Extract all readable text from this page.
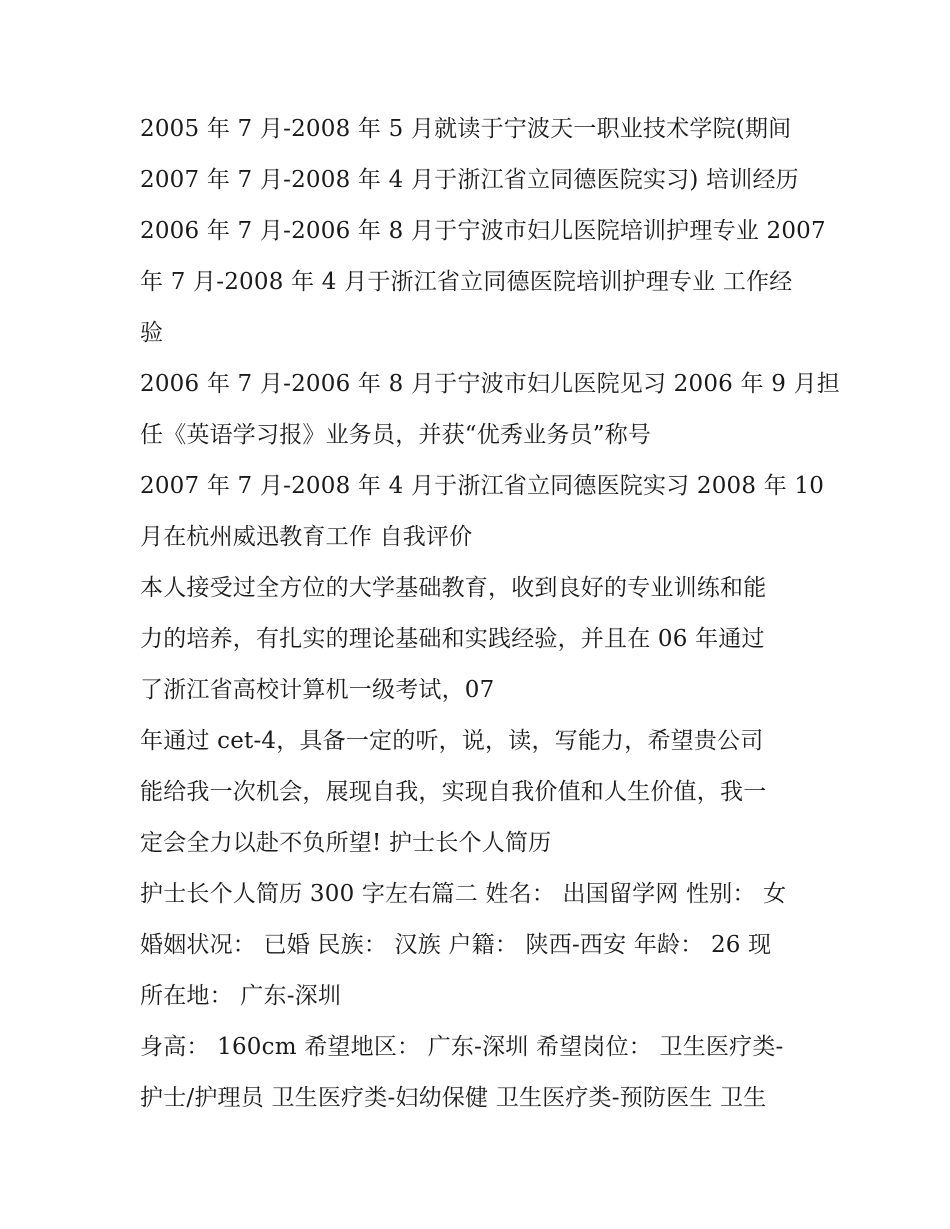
2005 年 7 月-2008 年 5 月就读于宁波天一职业技术学院(期间
2007 年 7 月-2008 年 4 月于浙江省立同德医院实习) 培训经历
2006 年 7 月-2006 年 8 月于宁波市妇儿医院培训护理专业 2007
年 7 月-2008 年 4 月于浙江省立同德医院培训护理专业 工作经
验
2006 年 7 月-2006 年 8 月于宁波市妇儿医院见习 2006 年 9 月担
任《英语学习报》业务员，并获“优秀业务员”称号
2007 年 7 月-2008 年 4 月于浙江省立同德医院实习 2008 年 10
月在杭州威迅教育工作 自我评价
本人接受过全方位的大学基础教育，收到良好的专业训练和能
力的培养，有扎实的理论基础和实践经验，并且在 06 年通过
了浙江省高校计算机一级考试，07
年通过 cet-4，具备一定的听，说，读，写能力，希望贵公司
能给我一次机会，展现自我，实现自我价值和人生价值，我一
定会全力以赴不负所望! 护士长个人简历
护士长个人简历 300 字左右篇二 姓名： 出国留学网 性别： 女
婚姻状况： 已婚 民族： 汉族 户籍： 陕西-西安 年龄： 26 现
所在地： 广东-深圳
身高： 160cm 希望地区： 广东-深圳 希望岗位： 卫生医疗类-
护士/护理员 卫生医疗类-妇幼保健 卫生医疗类-预防医生 卫生
